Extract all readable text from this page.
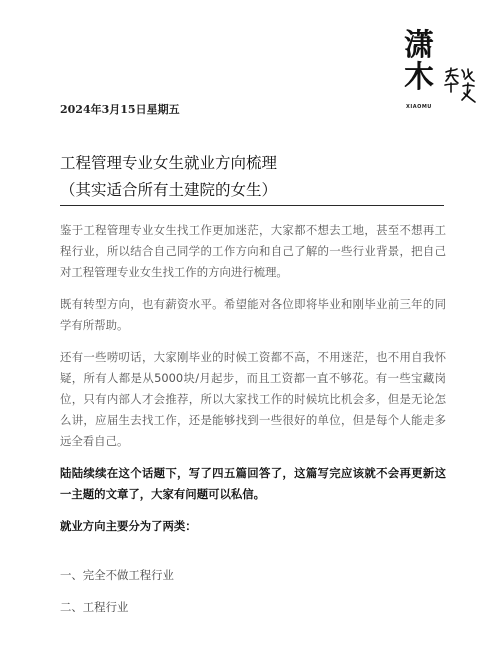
潇
木
XIAOMU
2024年3月15日星期五
工程管理专业女生就业方向梳理
（其实适合所有土建院的女生）

鉴于工程管理专业女生找工作更加迷茫，大家都不想去工地，甚至不想再工程行业，所以结合自己同学的工作方向和自己了解的一些行业背景，把自己对工程管理专业女生找工作的方向进行梳理。

既有转型方向，也有薪资水平。希望能对各位即将毕业和刚毕业前三年的同学有所帮助。

还有一些唠叨话，大家刚毕业的时候工资都不高，不用迷茫，也不用自我怀疑，所有人都是从5000块/月起步，而且工资都一直不够花。有一些宝藏岗位，只有内部人才会推荐，所以大家找工作的时候坑比机会多，但是无论怎么讲，应届生去找工作，还是能够找到一些很好的单位，但是每个人能走多远全看自己。

陆陆续续在这个话题下，写了四五篇回答了，这篇写完应该就不会再更新这一主题的文章了，大家有问题可以私信。

就业方向主要分为了两类：

一、完全不做工程行业
二、工程行业
